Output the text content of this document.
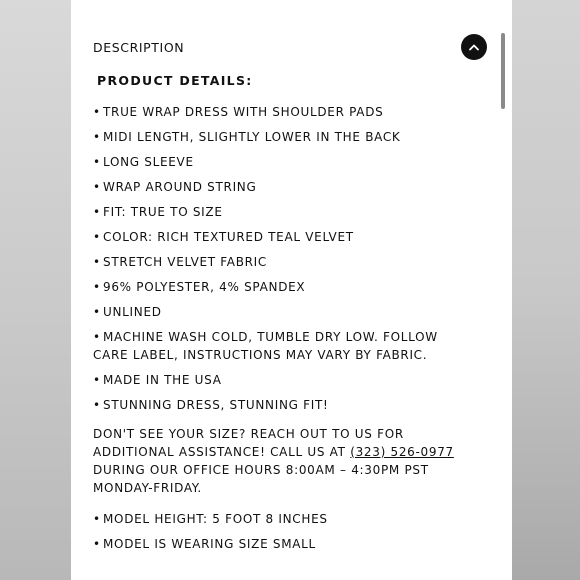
DESCRIPTION
PRODUCT DETAILS:
• TRUE WRAP DRESS WITH SHOULDER PADS
• MIDI LENGTH, SLIGHTLY LOWER IN THE BACK
• LONG SLEEVE
• WRAP AROUND STRING
• FIT: TRUE TO SIZE
• COLOR: RICH TEXTURED TEAL VELVET
• STRETCH VELVET FABRIC
• 96% POLYESTER, 4% SPANDEX
• UNLINED
• MACHINE WASH COLD, TUMBLE DRY LOW. FOLLOW CARE LABEL, INSTRUCTIONS MAY VARY BY FABRIC.
• MADE IN THE USA
• STUNNING DRESS, STUNNING FIT!
DON'T SEE YOUR SIZE? REACH OUT TO US FOR ADDITIONAL ASSISTANCE! CALL US AT (323) 526-0977 DURING OUR OFFICE HOURS 8:00AM – 4:30PM PST MONDAY-FRIDAY.
• MODEL HEIGHT: 5 FOOT 8 INCHES
• MODEL IS WEARING SIZE SMALL
